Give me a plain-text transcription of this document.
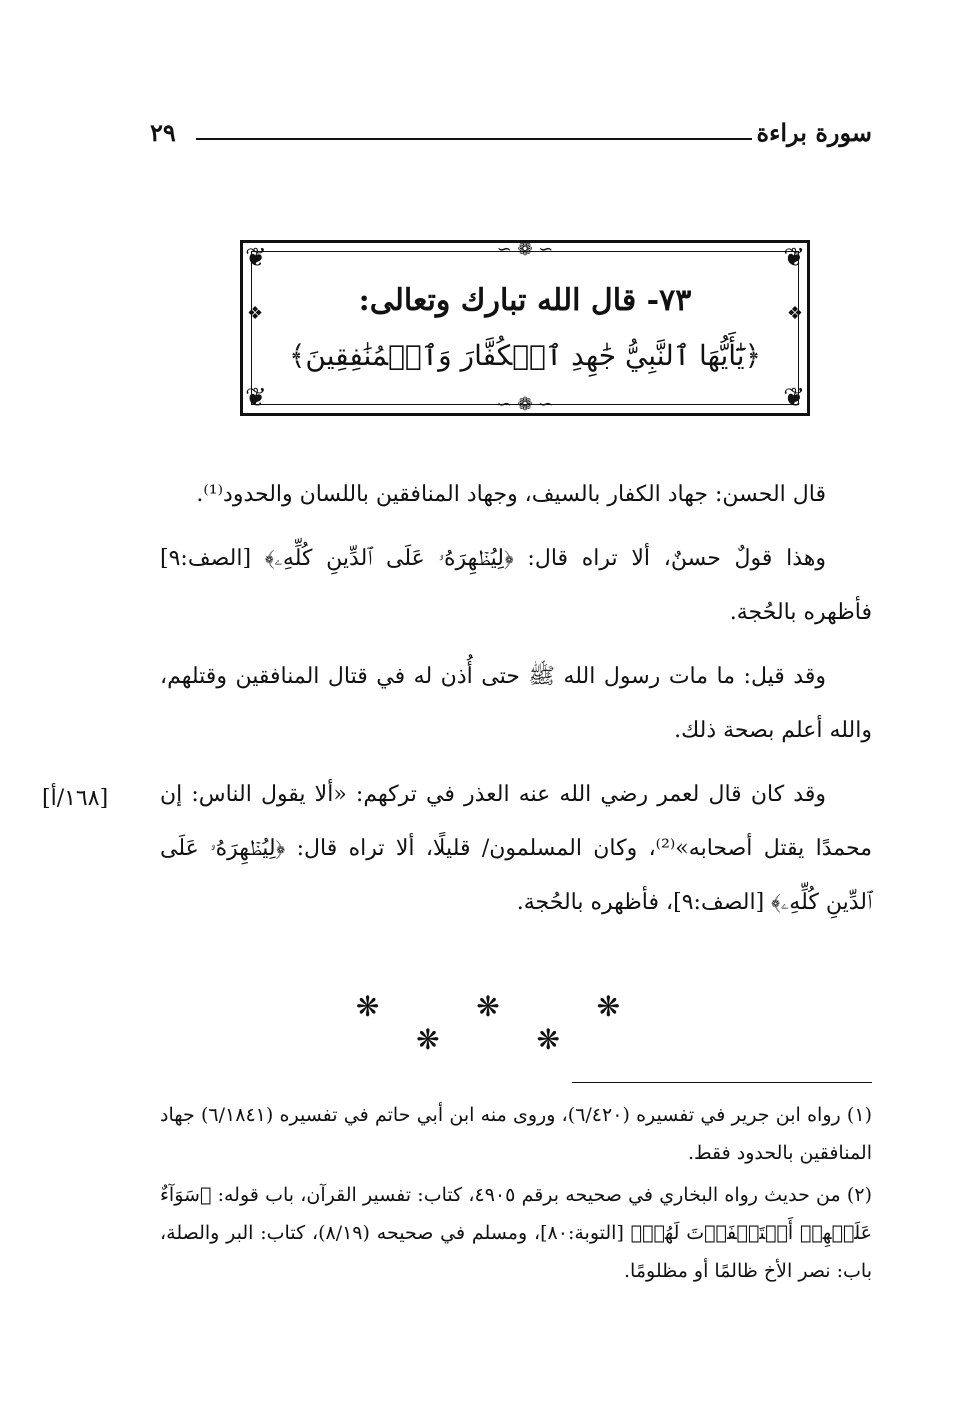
سورة براءة
٢٩
❦	❦
❦	❦
∽ ❁ ∽
∽ ❁ ∽
❖	❖
٧٣- قال الله تبارك وتعالى:
﴿يَٰٓأَيُّهَا ٱلنَّبِيُّ جَٰهِدِ ٱلۡكُفَّارَ وَٱلۡمُنَٰفِقِينَ﴾

قال الحسن: جهاد الكفار بالسيف، وجهاد المنافقين باللسان والحدود⁽¹⁾.

وهذا قولٌ حسنٌ، ألا تراه قال: ﴿لِيُظۡهِرَهُۥ عَلَى ٱلدِّينِ كُلِّهِۦ﴾ [الصف:٩] فأظهره بالحُجة.

وقد قيل: ما مات رسول الله ﷺ حتى أُذن له في قتال المنافقين وقتلهم، والله أعلم بصحة ذلك.

وقد كان قال لعمر رضي الله عنه العذر في تركهم: «ألا يقول الناس: إن محمدًا يقتل أصحابه»⁽²⁾، وكان المسلمون/ قليلًا، ألا تراه قال: ﴿لِيُظۡهِرَهُۥ عَلَى ٱلدِّينِ كُلِّهِۦ﴾ [الصف:٩]، فأظهره بالحُجة.

[١٦٨/أ]
❋ ❋ ❋ ❋ ❋

(١) رواه ابن جرير في تفسيره (٦/٤٢٠)، وروى منه ابن أبي حاتم في تفسيره (٦/١٨٤١) جهاد المنافقين بالحدود فقط.

(٢) من حديث رواه البخاري في صحيحه برقم ٤٩٠٥، كتاب: تفسير القرآن، باب قوله: ﴿سَوَآءٌ عَلَيۡهِمۡ أَسۡتَغۡفَرۡتَ لَهُمۡ﴾ [التوبة:٨٠]، ومسلم في صحيحه (٨/١٩)، كتاب: البر والصلة، باب: نصر الأخ ظالمًا أو مظلومًا.
